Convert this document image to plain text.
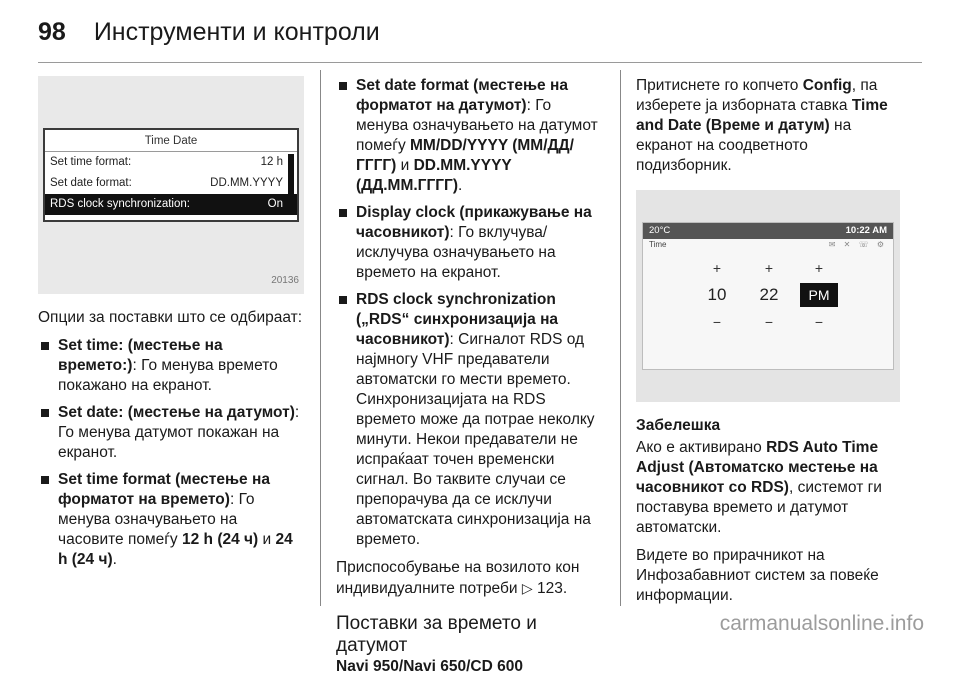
98 Инструменти и контроли
Time Date
Set time format:	12 h
Set date format:	DD.MM.YYYY
RDS clock synchronization:	On
20136

Опции за поставки што се одбираат:

Set time: (местење на времето:): Го менува времето покажано на екранот.
Set date: (местење на датумот): Го менува датумот покажан на екранот.
Set time format (местење на форматот на времето): Го менува означувањето на часовите помеѓу 12 h (24 ч) и 24 h (24 ч).
Set date format (местење на форматот на датумот): Го менува означувањето на датумот помеѓу MM/DD/YYYY (ММ/ДД/ГГГГ) и DD.MM.YYYY (ДД.ММ.ГГГГ).
Display clock (прикажување на часовникот): Го вклучува/исклучува означувањето на времето на екранот.
RDS clock synchronization („RDS“ синхронизација на часовникот): Сигналот RDS од најмногу VHF предаватели автоматски го мести времето. Синхронизацијата на RDS времето може да потрае неколку минути. Некои предаватели не испраќаат точен временски сигнал. Во таквите случаи се препорачува да се исклучи автоматската синхронизација на времето.

Приспособување на возилото кон индивидуалните потреби ▷ 123.

Поставки за времето и датумот
Navi 950/Navi 650/CD 600

Притиснете го копчето Config, па изберете ја изборната ставка Time and Date (Време и датум) на екранот на соодветното подизборник.

20°C	10:22 AM
Time	✉ ✕ ☏ ⚙
+
10
−
+
22
−
+
PM
−
Забелешка

Ако е активирано RDS Auto Time Adjust (Автоматско местење на часовникот со RDS), системот ги поставува времето и датумот автоматски.

Видете во прирачникот на Инфозабавниот систем за повеќе информации.

carmanualsonline.info
